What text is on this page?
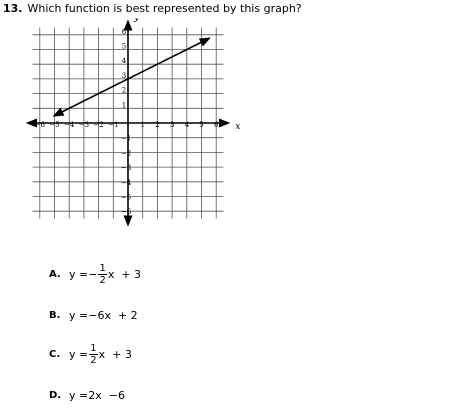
13. Which function is best represented by this graph?
−6 −5 −4 −3 −2 −1	1 2 3 4 5 6
1
2
3
4
5
6
−1
−2
−3
−4
−5
−6
x
y
A. y = − $\frac{1}{2}$ x  + 3
B. y = −6x  + 2
C. $y = \frac{1}{2}$ x  + 3
D. y = 2x  −6
